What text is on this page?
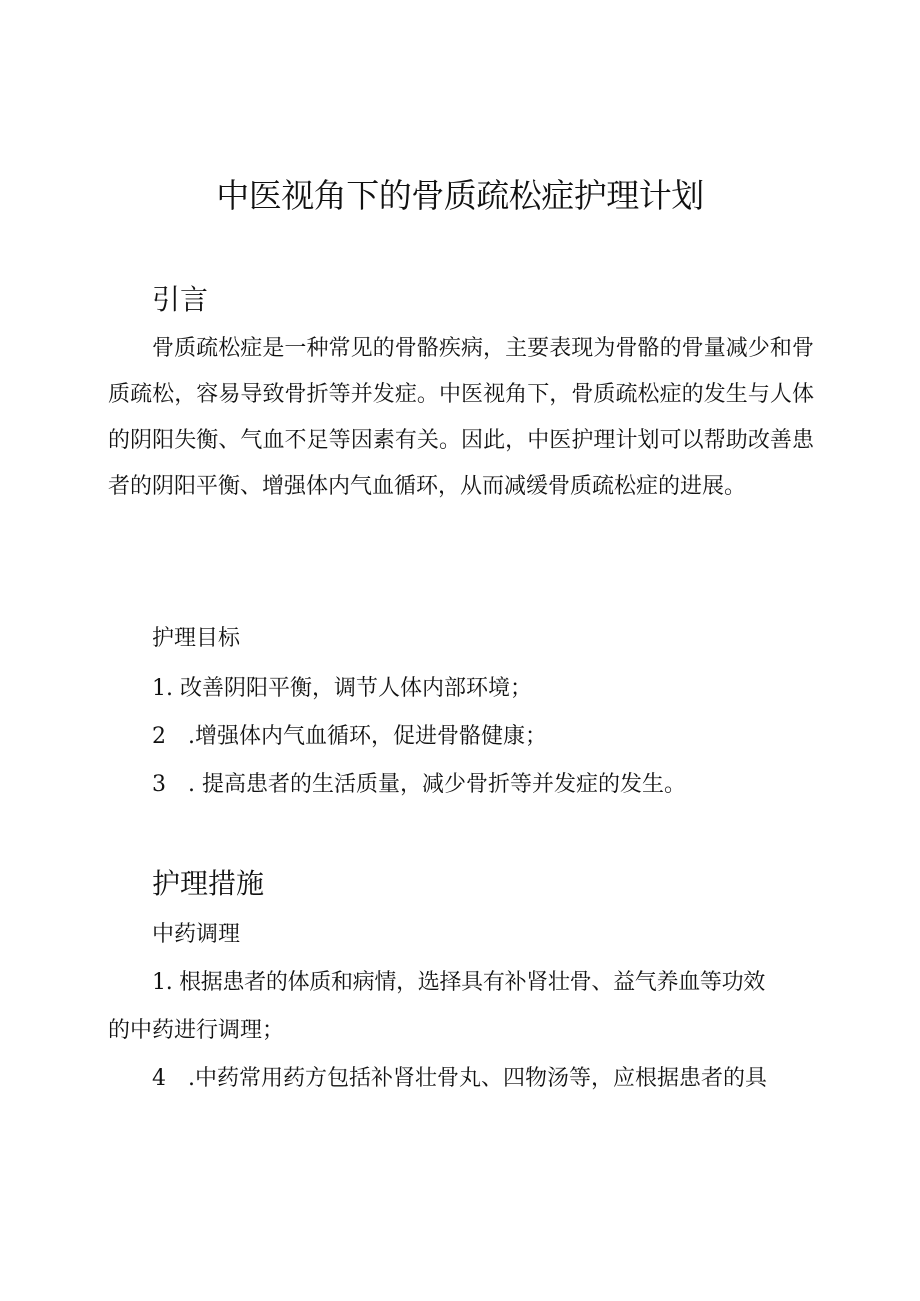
中医视角下的骨质疏松症护理计划
引言

骨质疏松症是一种常见的骨骼疾病，主要表现为骨骼的骨量减少和骨质疏松，容易导致骨折等并发症。中医视角下，骨质疏松症的发生与人体的阴阳失衡、气血不足等因素有关。因此，中医护理计划可以帮助改善患者的阴阳平衡、增强体内气血循环，从而减缓骨质疏松症的进展。

护理目标
1. 改善阴阳平衡，调节人体内部环境；
2　.增强体内气血循环，促进骨骼健康；
3　. 提高患者的生活质量，减少骨折等并发症的发生。
护理措施
中药调理
1. 根据患者的体质和病情，选择具有补肾壮骨、益气养血等功效
的中药进行调理；
4　.中药常用药方包括补肾壮骨丸、四物汤等，应根据患者的具
